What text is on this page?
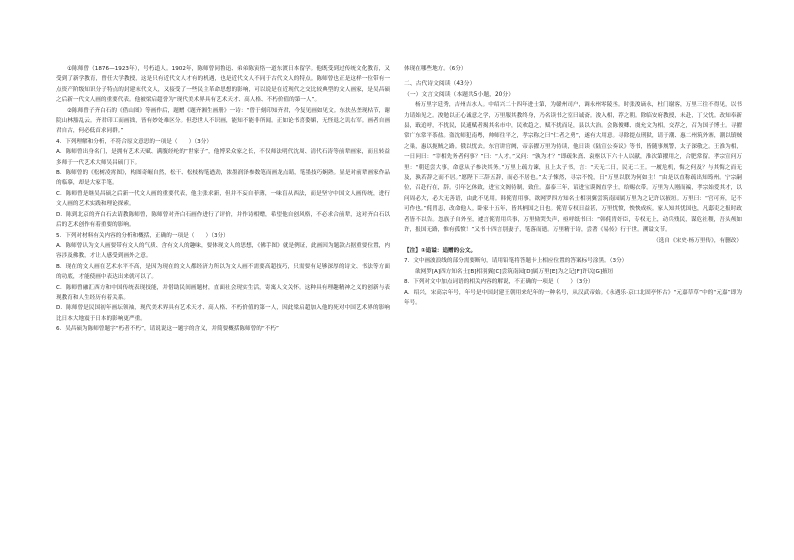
①陈师曾（1876—1923年），号朽道人。1902年，陈师曾同鲁迅、弟弟陈寅恪一道东渡日本留学。他既受到过传统文化教育，又受到了新学教育，曾任大学教授，这是只有近代文人才有的机遇，也是近代文人不同于古代文人的特点。陈师曾也正是这样一位带有一点资产阶级知识分子特点的封建末代文人，又接受了一些民主革命思想的影响，可以说是在近现代之交比较典型的文人画家，是吴昌硕之后新一代文人画的重要代表。他被梁启超誉为“现代美术界具有艺术天才、高人格、不朽价值的第一人”。

②陈师曾子齐白石的《借山图》等画作后，题赠《题齐湘生画册》一诗：“曾于刻印知齐君，今复见画如见文。东扶丛垄现枯节，谢院山林豁乱云。齐君印工而画拙，皆有妙处难区分。但恐世人不识画，能知不能非所闻。正如论书喜姿媚，无怪退之讥右军。画者自画君自古，何必低首求同群。”

4．下列理解和分析，不符合原文意思的一项是（　　）（3分）

A．陈师曾出身名门，是拥有艺术天赋、满腹经纶的“世家子”，他博采众家之长，不仅师法明代沈周、清代石涛等前辈画家，而且转益多师于一代艺术大师吴昌硕门下。

B．陈师曾的《松树凌霄图》，构图奇崛自然，松干、松枝构笔遒劲，浓墨润泽参数笔而画龙点睛，笔墨技巧娴熟。显是对前辈画家作品的临摹，却是大家手笔。

C．陈师曾是继吴昌硕之后新一代文人画的重要代表，他主张求新，但并不妄自菲薄，一味盲从西法，而是坚守中国文人画传统，进行文人画的艺术实践和理论探索。

D．陈到北京的齐白石去请教陈师曾，陈师曾对齐白石画作进行了评价，并作诗相赠，希望他自创风格，不必求合前辈，这对齐白石以后的艺术创作有着重要的影响。

5．下列对材料有关内容的分析和概括，正确的一项是（　　）（3分）

A．陈师曾认为文人画要带有文人的气质、含有文人的趣味，要体现文人的思想，《佛手图》就是例证，此画因为题款占据重要位置，内容涉及佛教，才让人感受到画外之意。

B．现在的文人画在艺术水平不高，是因为现在的文人都经济力所以为文人画不需要高超技巧，只需要有足够深厚的诗文、书法等方面的功底，才能使画中表达出来就可以了。

C．陈师曾融汇西方和中国传统表现技能，并借助民间画题材，直面社会现实生活，寄寓人文关怀。这种具有理趣精神之义的创新与表现教育和人生经历有着关系。

D．陈师曾是民国初年画坛领袖，现代美术界具有艺术天才、高人格、不朽价值的第一人，因此梁启超加入他的死对中国艺术界的影响比日本大地震于日本的影响更严重。

6．吴昌硕为陈师曾题字“朽者不朽”，请说说这一题字的含义，并简要概括陈师曾的“不朽”

体现在哪些地方。（6分）

二、古代诗文阅读（43分）

（一）文言文阅读（本题共5小题，20分）

杨万里字廷秀，吉州吉水人。中绍兴二十四年进士第，为赣州司户，调永州零陵丞。时张浚谪永，杜门谢客，万里三往不得见，以书力请始见之。浚勉以正心诚意之学，万里服其教终身，乃名读书之室曰诚斋。浚入相，荐之朝。除临安府教授，未赴，丁父忧。改知奉新县，戢追呼，不扰民，民逋赋者揭其名市中，民欢趋之，赋不扰而足，县以大治。会陈俊卿、虞允文为相，交荐之，召为国子博士。寻擢常广东常平茶盐。盗沈师犯南粤，帅师往平之，孝宗称之曰“仁者之勇”，遂有大用意。寻除提点刑狱，请于潮、惠二州筑外寨，潮以镇贼之巢，惠以扼贼之路。俄以忧去。东宫讲官阙，帝亲擢万里为侍读，他日读《陆宣公奏议》等书，皆随事规警，太子深敬之。王淮为相，一日问曰：“宰相先务者何事？”曰：“人才。”又问：“孰为才？”即疏朱熹、袁枢以下六十人以献，淮次第擢用之，合肥常留。孝宗宣问万里：“朝廷尝大事，命意从子参决其务。”万里上疏力谏，且上太子书，言：“天无二日，民无二王。一履危机，悔之何及？与其悔之而无及，孰若辞之而不居。”愿陛下三辞五辞，而必不居也。”太子悚然，寻宗不悦，日“万里以朕为何如主！”由是以直称疏出知筠州。宁宗嗣位，召赴行在，辞。引年乞休致，进宝文阁待制，致仕。嘉泰三年，诏进宝谟阁直学士，给赐衣带。万里为人刚而褊，孝宗始爱其才，以问周必大，必大无善语，由此不见用。韩侂胄用事，欲网罗四方知名士相羽翼尝筑南园属万里为之记许以掖垣。万里曰：“官可弃，记不可作也。”侂胄恚，改命他人。卧家十五年，皆其柄国之日也。侂胄专权日益甚，万里忧愤，怏怏成疾。家人知其忧国也，凡邸吏之报时政者皆不以告。忽族子自外至，遽言侂胄用兵事，万里恸哭失声，亟呼纸书曰：“韩侂胄奸臣，专权无上，动兵残民，谋危社稷，吾头颅如许，报国无路，惟有孤愤！”又书十四言别妻子，笔落而逝。万里精于诗，尝著《易传》行于世。溯谥文节。

（选自《宋史·杨万里传》，有删改）

【注】①追谥：追赠的公文。

7．文中画波浪线的部分需要断句，请用铅笔将答题卡上相应位置的答案标号涂黑。（3分）

欲网罗[A]四方知名士[B]相羽翼[C]尝筑南园[D]属万里[E]为之记[F]许以[G]掖垣

8．下列对文中加点词语的相关内容的解说，不正确的一项是（　　）（3分）

A．绍兴，宋高宗年号，年号是中国封建王朝用来纪年的一种名号，从汉武帝始。《永遇乐·京口北固亭怀古》“元嘉草草”中的“元嘉”即为年号。
